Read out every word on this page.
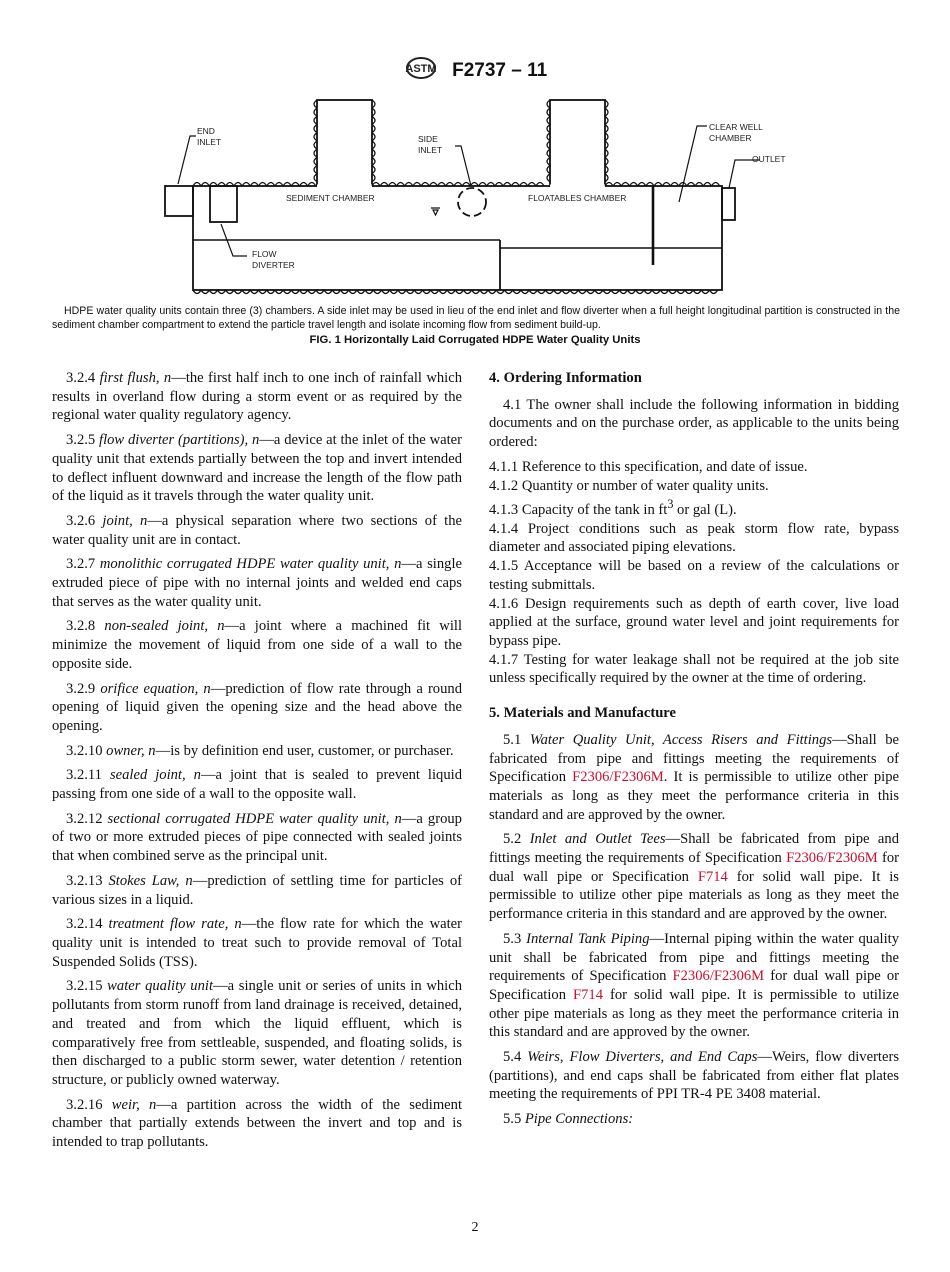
ASTM F2737 – 11
END
INLET	SIDE
INLET
SEDIMENT CHAMBER	FLOATABLES CHAMBER
CLEAR WELL
CHAMBER
OUTLET
FLOW
DIVERTER
HDPE water quality units contain three (3) chambers. A side inlet may be used in lieu of the end inlet and flow diverter when a full height longitudinal partition is constructed in the sediment chamber compartment to extend the particle travel length and isolate incoming flow from sediment build-up.
FIG. 1 Horizontally Laid Corrugated HDPE Water Quality Units
3.2.4 first flush, n—the first half inch to one inch of rainfall which results in overland flow during a storm event or as required by the regional water quality regulatory agency.
3.2.5 flow diverter (partitions), n—a device at the inlet of the water quality unit that extends partially between the top and invert intended to deflect influent downward and increase the length of the flow path of the liquid as it travels through the water quality unit.
3.2.6 joint, n—a physical separation where two sections of the water quality unit are in contact.
3.2.7 monolithic corrugated HDPE water quality unit, n—a single extruded piece of pipe with no internal joints and welded end caps that serves as the water quality unit.
3.2.8 non-sealed joint, n—a joint where a machined fit will minimize the movement of liquid from one side of a wall to the opposite side.
3.2.9 orifice equation, n—prediction of flow rate through a round opening of liquid given the opening size and the head above the opening.
3.2.10 owner, n—is by definition end user, customer, or purchaser.
3.2.11 sealed joint, n—a joint that is sealed to prevent liquid passing from one side of a wall to the opposite wall.
3.2.12 sectional corrugated HDPE water quality unit, n—a group of two or more extruded pieces of pipe connected with sealed joints that when combined serve as the principal unit.
3.2.13 Stokes Law, n—prediction of settling time for particles of various sizes in a liquid.
3.2.14 treatment flow rate, n—the flow rate for which the water quality unit is intended to treat such to provide removal of Total Suspended Solids (TSS).
3.2.15 water quality unit—a single unit or series of units in which pollutants from storm runoff from land drainage is received, detained, and treated and from which the liquid effluent, which is comparatively free from settleable, suspended, and floating solids, is then discharged to a public storm sewer, water detention / retention structure, or publicly owned waterway.
3.2.16 weir, n—a partition across the width of the sediment chamber that partially extends between the invert and top and is intended to trap pollutants.
4. Ordering Information
4.1 The owner shall include the following information in bidding documents and on the purchase order, as applicable to the units being ordered:
4.1.1 Reference to this specification, and date of issue.
4.1.2 Quantity or number of water quality units.
4.1.3 Capacity of the tank in $ft^3$ or gal (L).
4.1.4 Project conditions such as peak storm flow rate, bypass diameter and associated piping elevations.
4.1.5 Acceptance will be based on a review of the calculations or testing submittals.
4.1.6 Design requirements such as depth of earth cover, live load applied at the surface, ground water level and joint requirements for bypass pipe.
4.1.7 Testing for water leakage shall not be required at the job site unless specifically required by the owner at the time of ordering.
5. Materials and Manufacture
5.1 Water Quality Unit, Access Risers and Fittings—Shall be fabricated from pipe and fittings meeting the requirements of Specification F2306/F2306M. It is permissible to utilize other pipe materials as long as they meet the performance criteria in this standard and are approved by the owner.
5.2 Inlet and Outlet Tees—Shall be fabricated from pipe and fittings meeting the requirements of Specification F2306/F2306M for dual wall pipe or Specification F714 for solid wall pipe. It is permissible to utilize other pipe materials as long as they meet the performance criteria in this standard and are approved by the owner.
5.3 Internal Tank Piping—Internal piping within the water quality unit shall be fabricated from pipe and fittings meeting the requirements of Specification F2306/F2306M for dual wall pipe or Specification F714 for solid wall pipe. It is permissible to utilize other pipe materials as long as they meet the performance criteria in this standard and are approved by the owner.
5.4 Weirs, Flow Diverters, and End Caps—Weirs, flow diverters (partitions), and end caps shall be fabricated from either flat plates meeting the requirements of PPI TR-4 PE 3408 material.
5.5 Pipe Connections:
2
